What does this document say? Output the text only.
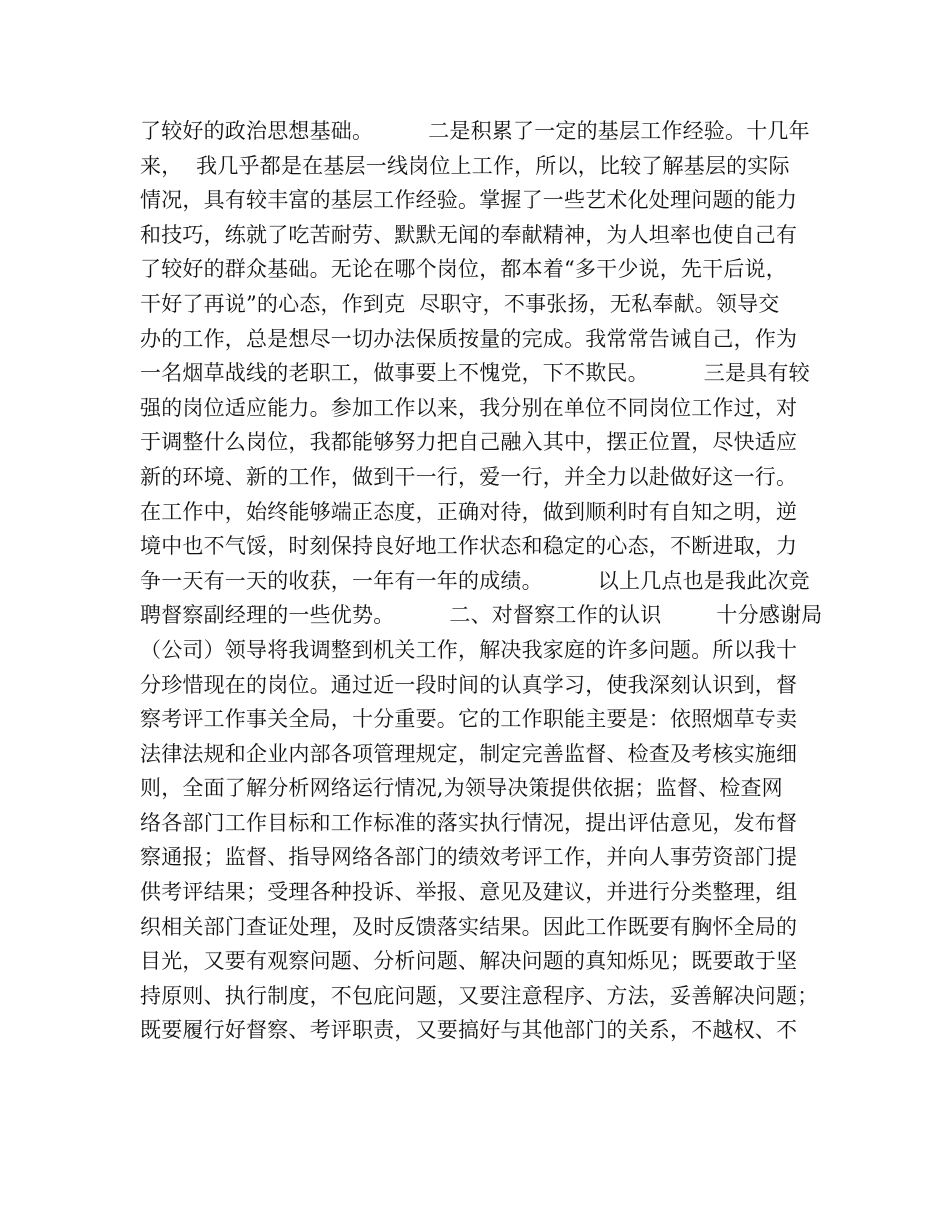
了较好的政治思想基础。        二是积累了一定的基层工作经验。十几年
来，  我几乎都是在基层一线岗位上工作，所以，比较了解基层的实际
情况，具有较丰富的基层工作经验。掌握了一些艺术化处理问题的能力
和技巧，练就了吃苦耐劳、默默无闻的奉献精神，为人坦率也使自己有
了较好的群众基础。无论在哪个岗位，都本着“多干少说，先干后说，
干好了再说”的心态，作到克  尽职守，不事张扬，无私奉献。领导交
办的工作，总是想尽一切办法保质按量的完成。我常常告诫自己，作为
一名烟草战线的老职工，做事要上不愧党，下不欺民。        三是具有较
强的岗位适应能力。参加工作以来，我分别在单位不同岗位工作过，对
于调整什么岗位，我都能够努力把自己融入其中，摆正位置，尽快适应
新的环境、新的工作，做到干一行，爱一行，并全力以赴做好这一行。
在工作中，始终能够端正态度，正确对待，做到顺利时有自知之明，逆
境中也不气馁，时刻保持良好地工作状态和稳定的心态，不断进取，力
争一天有一天的收获，一年有一年的成绩。        以上几点也是我此次竞
聘督察副经理的一些优势。        二、对督察工作的认识        十分感谢局
（公司）领导将我调整到机关工作，解决我家庭的许多问题。所以我十
分珍惜现在的岗位。通过近一段时间的认真学习，使我深刻认识到，督
察考评工作事关全局，十分重要。它的工作职能主要是：依照烟草专卖
法律法规和企业内部各项管理规定，制定完善监督、检查及考核实施细
则，全面了解分析网络运行情况,为领导决策提供依据；监督、检查网
络各部门工作目标和工作标准的落实执行情况，提出评估意见，发布督
察通报；监督、指导网络各部门的绩效考评工作，并向人事劳资部门提
供考评结果；受理各种投诉、举报、意见及建议，并进行分类整理，组
织相关部门查证处理，及时反馈落实结果。因此工作既要有胸怀全局的
目光，又要有观察问题、分析问题、解决问题的真知烁见；既要敢于坚
持原则、执行制度，不包庇问题，又要注意程序、方法，妥善解决问题；
既要履行好督察、考评职责，又要搞好与其他部门的关系，不越权、不
